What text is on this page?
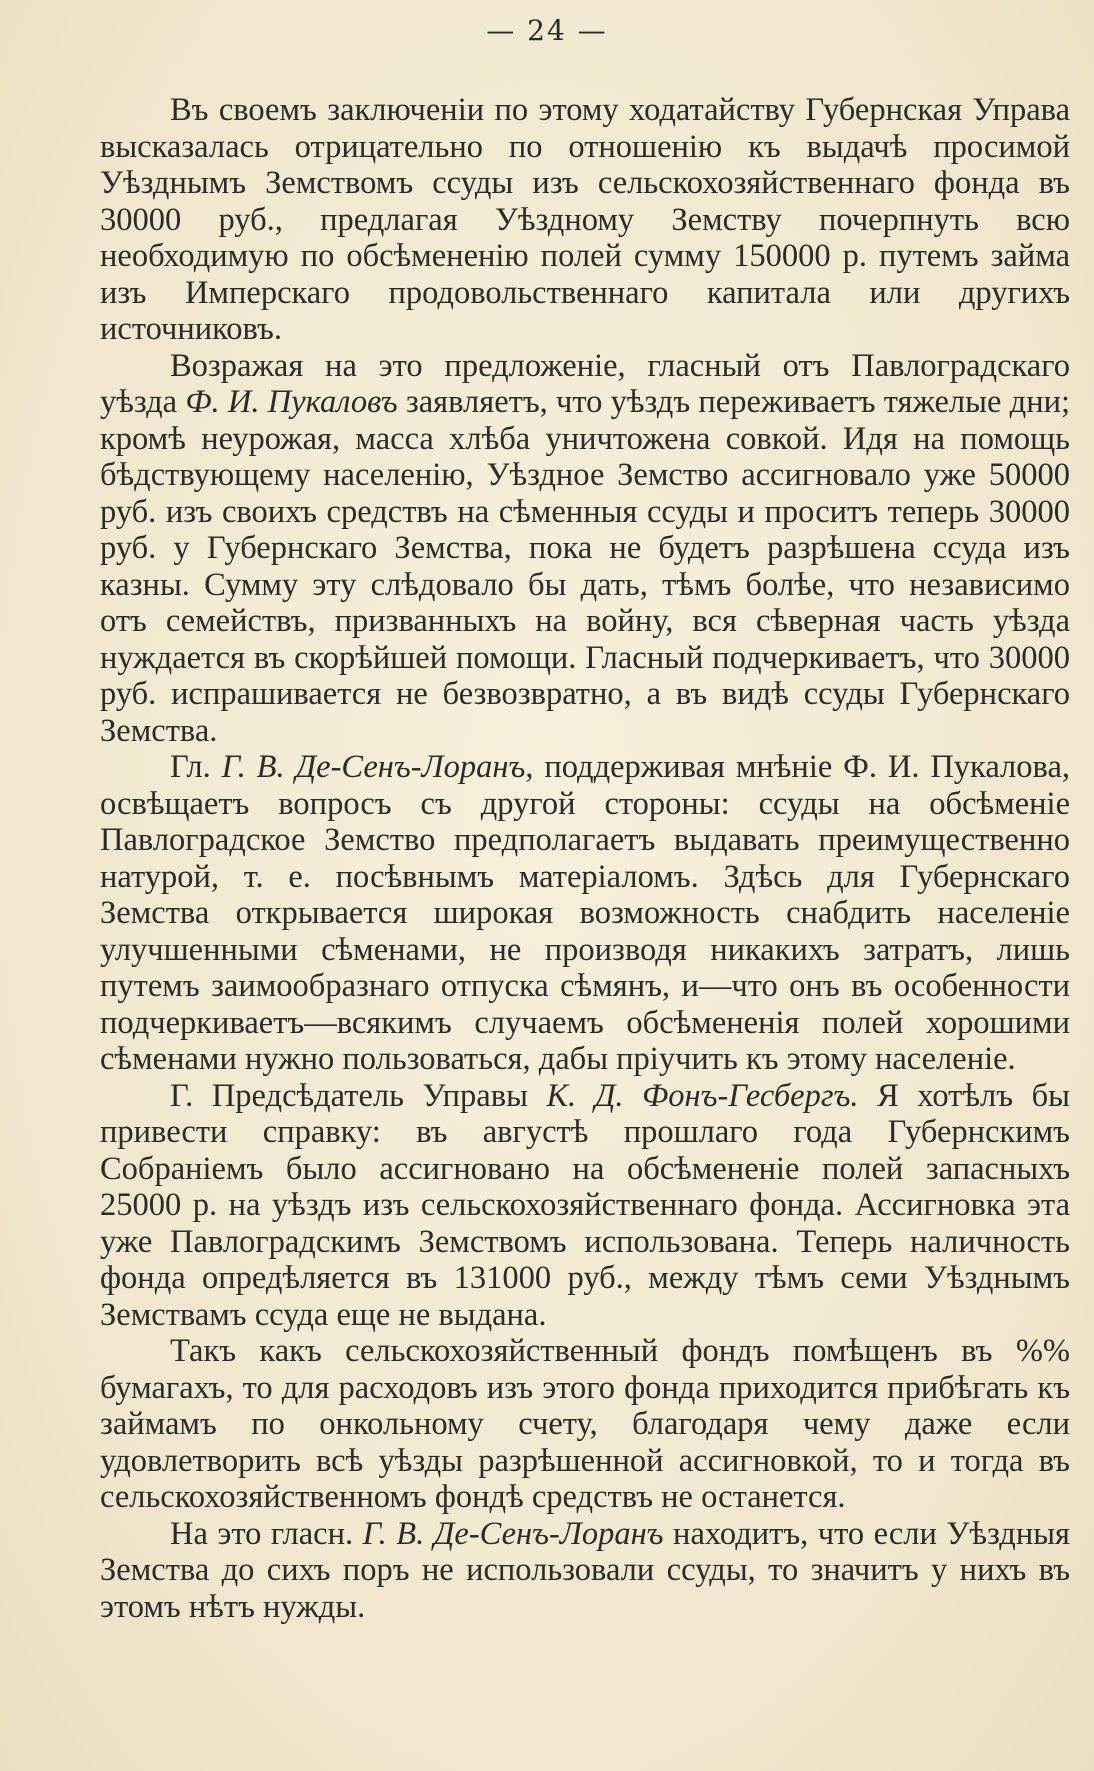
— 24 —

Въ своемъ заключенiи по этому ходатайству Губернская Управа высказалась отрицательно по отношенiю къ выдачѣ просимой Уѣзднымъ Земствомъ ссуды изъ сельскохозяйственнаго фонда въ 30000 руб., предлагая Уѣздному Земству почерпнуть всю необходимую по обсѣмененiю полей сумму 150000 р. путемъ займа изъ Имперскаго продовольственнаго капитала или другихъ источниковъ.

Возражая на это предложенiе, гласный отъ Павлоградскаго уѣзда Ф. И. Пукаловъ заявляетъ, что уѣздъ переживаетъ тяжелые дни; кромѣ неурожая, масса хлѣба уничтожена совкой. Идя на помощь бѣдствующему населенiю, Уѣздное Земство ассигновало уже 50000 руб. изъ своихъ средствъ на сѣменныя ссуды и проситъ теперь 30000 руб. у Губернскаго Земства, пока не будетъ разрѣшена ссуда изъ казны. Сумму эту слѣдовало бы дать, тѣмъ болѣе, что независимо отъ семействъ, призванныхъ на войну, вся сѣверная часть уѣзда нуждается въ скорѣйшей помощи. Гласный подчеркиваетъ, что 30000 руб. испрашивается не безвозвратно, а въ видѣ ссуды Губернскаго Земства.

Гл. Г. В. Де-Сенъ-Лоранъ, поддерживая мнѣнiе Ф. И. Пукалова, освѣщаетъ вопросъ съ другой стороны: ссуды на обсѣменiе Павлоградское Земство предполагаетъ выдавать преимущественно натурой, т. е. посѣвнымъ матерiаломъ. Здѣсь для Губернскаго Земства открывается широкая возможность снабдить населенiе улучшенными сѣменами, не производя никакихъ затратъ, лишь путемъ заимообразнаго отпуска сѣмянъ, и—что онъ въ особенности подчеркиваетъ—всякимъ случаемъ обсѣмененiя полей хорошими сѣменами нужно пользоваться, дабы прiучить къ этому населенiе.

Г. Предсѣдатель Управы К. Д. Фонъ-Гесбергъ. Я хотѣлъ бы привести справку: въ августѣ прошлаго года Губернскимъ Собранiемъ было ассигновано на обсѣмененiе полей запасныхъ 25000 р. на уѣздъ изъ сельскохозяйственнаго фонда. Ассигновка эта уже Павлоградскимъ Земствомъ использована. Теперь наличность фонда опредѣляется въ 131000 руб., между тѣмъ семи Уѣзднымъ Земствамъ ссуда еще не выдана.

Такъ какъ сельскохозяйственный фондъ помѣщенъ въ %% бумагахъ, то для расходовъ изъ этого фонда приходится прибѣгать къ займамъ по онкольному счету, благодаря чему даже если удовлетворить всѣ уѣзды разрѣшенной ассигновкой, то и тогда въ сельскохозяйственномъ фондѣ средствъ не останется.

На это гласн. Г. В. Де-Сенъ-Лоранъ находитъ, что если Уѣздныя Земства до сихъ поръ не использовали ссуды, то значитъ у нихъ въ этомъ нѣтъ нужды.
